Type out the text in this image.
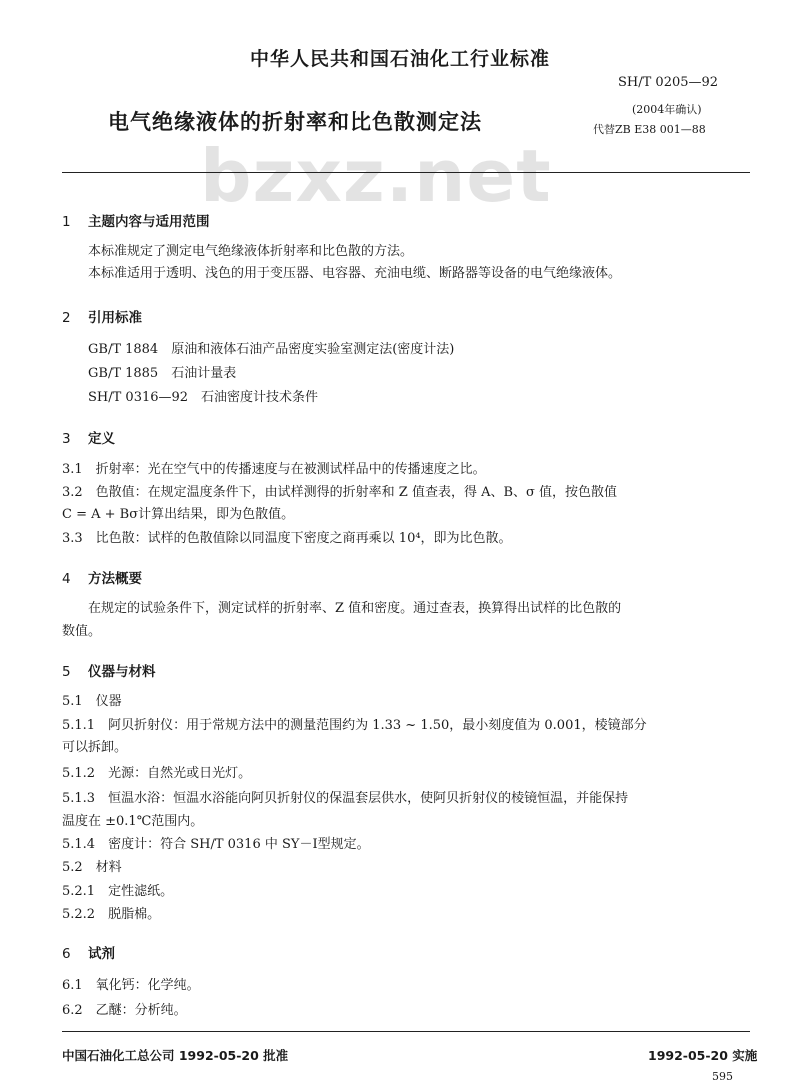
中华人民共和国石油化工行业标准
SH/T 0205—92
(2004年确认)
代替ZB E38 001—88
电气绝缘液体的折射率和比色散测定法
bzxz.net
1 主题内容与适用范围
本标准规定了测定电气绝缘液体折射率和比色散的方法。
本标准适用于透明、浅色的用于变压器、电容器、充油电缆、断路器等设备的电气绝缘液体。
2 引用标准
GB/T 1884　原油和液体石油产品密度实验室测定法(密度计法)
GB/T 1885　石油计量表
SH/T 0316—92　石油密度计技术条件
3 定义
3.1　折射率：光在空气中的传播速度与在被测试样品中的传播速度之比。
3.2　色散值：在规定温度条件下，由试样测得的折射率和 Z 值查表，得 A、B、σ 值，按色散值
C = A + Bσ计算出结果，即为色散值。
3.3　比色散：试样的色散值除以同温度下密度之商再乘以 10⁴，即为比色散。
4 方法概要
在规定的试验条件下，测定试样的折射率、Z 值和密度。通过查表，换算得出试样的比色散的
数值。
5 仪器与材料
5.1　仪器
5.1.1　阿贝折射仪：用于常规方法中的测量范围约为 1.33 ~ 1.50，最小刻度值为 0.001，棱镜部分
可以拆卸。
5.1.2　光源：自然光或日光灯。
5.1.3　恒温水浴：恒温水浴能向阿贝折射仪的保温套层供水，使阿贝折射仪的棱镜恒温，并能保持
温度在 ±0.1℃范围内。
5.1.4　密度计：符合 SH/T 0316 中 SY－Ⅰ型规定。
5.2　材料
5.2.1　定性滤纸。
5.2.2　脱脂棉。
6 试剂
6.1　氧化钙：化学纯。
6.2　乙醚：分析纯。
中国石油化工总公司 1992-05-20 批准	1992-05-20 实施
595
